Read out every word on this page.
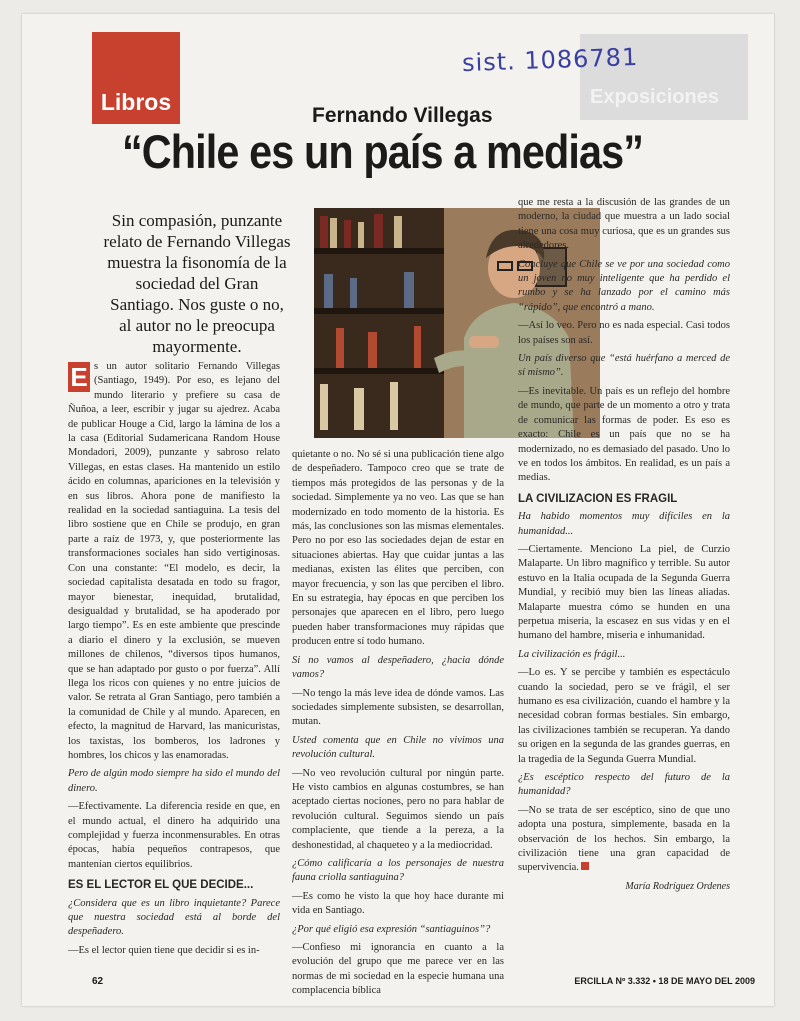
Libros	Exposiciones
sist. 1086781
Fernando Villegas
“Chile es un país a medias”
Sin compasión, punzante relato de Fernando Villegas muestra la fisonomía de la sociedad del Gran Santiago. Nos guste o no, al autor no le preocupa mayormente.

E s un autor solitario Fernando Villegas (Santiago, 1949). Por eso, es lejano del mundo literario y prefiere su casa de Ñuñoa, a leer, escribir y jugar su ajedrez. Acaba de publicar Houge a Cid, largo la lámina de los a la casa (Editorial Sudamericana Random House Mondadori, 2009), punzante y sabroso relato Villegas, en estas clases. Ha mantenido un estilo ácido en columnas, apariciones en la televisión y en sus libros. Ahora pone de manifiesto la realidad en la sociedad santiaguina. La tesis del libro sostiene que en Chile se produjo, en gran parte a raíz de 1973, y, que posteriormente las transformaciones sociales han sido vertiginosas. Con una constante: “El modelo, es decir, la sociedad capitalista desatada en todo su fragor, mayor bienestar, inequidad, brutalidad, desigualdad y brutalidad, se ha apoderado por largo tiempo”. Es en este ambiente que prescinde a diario el dinero y la exclusión, se mueven millones de chilenos, “diversos tipos humanos, que se han adaptado por gusto o por fuerza”. Allí llega los ricos con quienes y no entre juicios de valor. Se retrata al Gran Santiago, pero también a la comunidad de Chile y al mundo. Aparecen, en efecto, la magnitud de Harvard, las manicuristas, los taxistas, los bomberos, los ladrones y hombres, los chicos y las enamoradas.

Pero de algún modo siempre ha sido el mundo del dinero.

—Efectivamente. La diferencia reside en que, en el mundo actual, el dinero ha adquirido una complejidad y fuerza inconmensurables. En otras épocas, había pequeños contrapesos, que mantenían ciertos equilibrios.

ES EL LECTOR EL QUE DECIDE...

¿Considera que es un libro inquietante? Parece que nuestra sociedad está al borde del despeñadero.

—Es el lector quien tiene que decidir si es in-

quietante o no. No sé si una publicación tiene algo de despeñadero. Tampoco creo que se trate de tiempos más protegidos de las personas y de la sociedad. Simplemente ya no veo. Las que se han modernizado en todo momento de la historia. Es más, las conclusiones son las mismas elementales. Pero no por eso las sociedades dejan de estar en situaciones abiertas. Hay que cuidar juntas a las medianas, existen las élites que perciben, con mayor frecuencia, y son las que perciben el libro. En su estrategia, hay épocas en que perciben los personajes que aparecen en el libro, pero luego pueden haber transformaciones muy rápidas que producen entre sí todo humano.

Si no vamos al despeñadero, ¿hacia dónde vamos?

—No tengo la más leve idea de dónde vamos. Las sociedades simplemente subsisten, se desarrollan, mutan.

Usted comenta que en Chile no vivimos una revolución cultural.

—No veo revolución cultural por ningún parte. He visto cambios en algunas costumbres, se han aceptado ciertas nociones, pero no para hablar de revolución cultural. Seguimos siendo un país complaciente, que tiende a la pereza, a la deshonestidad, al chaqueteo y a la mediocridad.

¿Cómo calificaría a los personajes de nuestra fauna criolla santiaguina?

—Es como he visto la que hoy hace durante mi vida en Santiago.

¿Por qué eligió esa expresión “santiaguinos”?

—Confieso mi ignorancia en cuanto a la evolución del grupo que me parece ver en las normas de mi sociedad en la especie humana una complacencia bíblica

que me resta a la discusión de las grandes de un moderno, la ciudad que muestra a un lado social tiene una cosa muy curiosa, que es un grandes sus alrededores.

Concluye que Chile se ve por una sociedad como un joven no muy inteligente que ha perdido el rumbo y se ha lanzado por el camino más “rápido”, que encontró a mano.

—Así lo veo. Pero no es nada especial. Casi todos los países son así.

Un país diverso que “está huérfano a merced de sí mismo”.

—Es inevitable. Un país es un reflejo del hombre de mundo, que parte de un momento a otro y trata de comunicar las formas de poder. Es eso es exacto: Chile es un país que no se ha modernizado, no es demasiado del pasado. Uno lo ve en todos los ámbitos. En realidad, es un país a medias.

LA CIVILIZACION ES FRAGIL

Ha habido momentos muy difíciles en la humanidad...

—Ciertamente. Menciono La piel, de Curzio Malaparte. Un libro magnífico y terrible. Su autor estuvo en la Italia ocupada de la Segunda Guerra Mundial, y recibió muy bien las líneas aliadas. Malaparte muestra cómo se hunden en una perpetua miseria, la escasez en sus vidas y en el humano del hambre, miseria e inhumanidad.

La civilización es frágil...

—Lo es. Y se percibe y también es espectáculo cuando la sociedad, pero se ve frágil, el ser humano es esa civilización, cuando el hambre y la necesidad cobran formas bestiales. Sin embargo, las civilizaciones también se recuperan. Ya dando su origen en la segunda de las grandes guerras, en la tragedia de la Segunda Guerra Mundial.

¿Es escéptico respecto del futuro de la humanidad?

—No se trata de ser escéptico, sino de que uno adopta una postura, simplemente, basada en la observación de los hechos. Sin embargo, la civilización tiene una gran capacidad de supervivencia.

María Rodríguez Ordenes
62	ERCILLA Nº 3.332 • 18 DE MAYO DEL 2009
